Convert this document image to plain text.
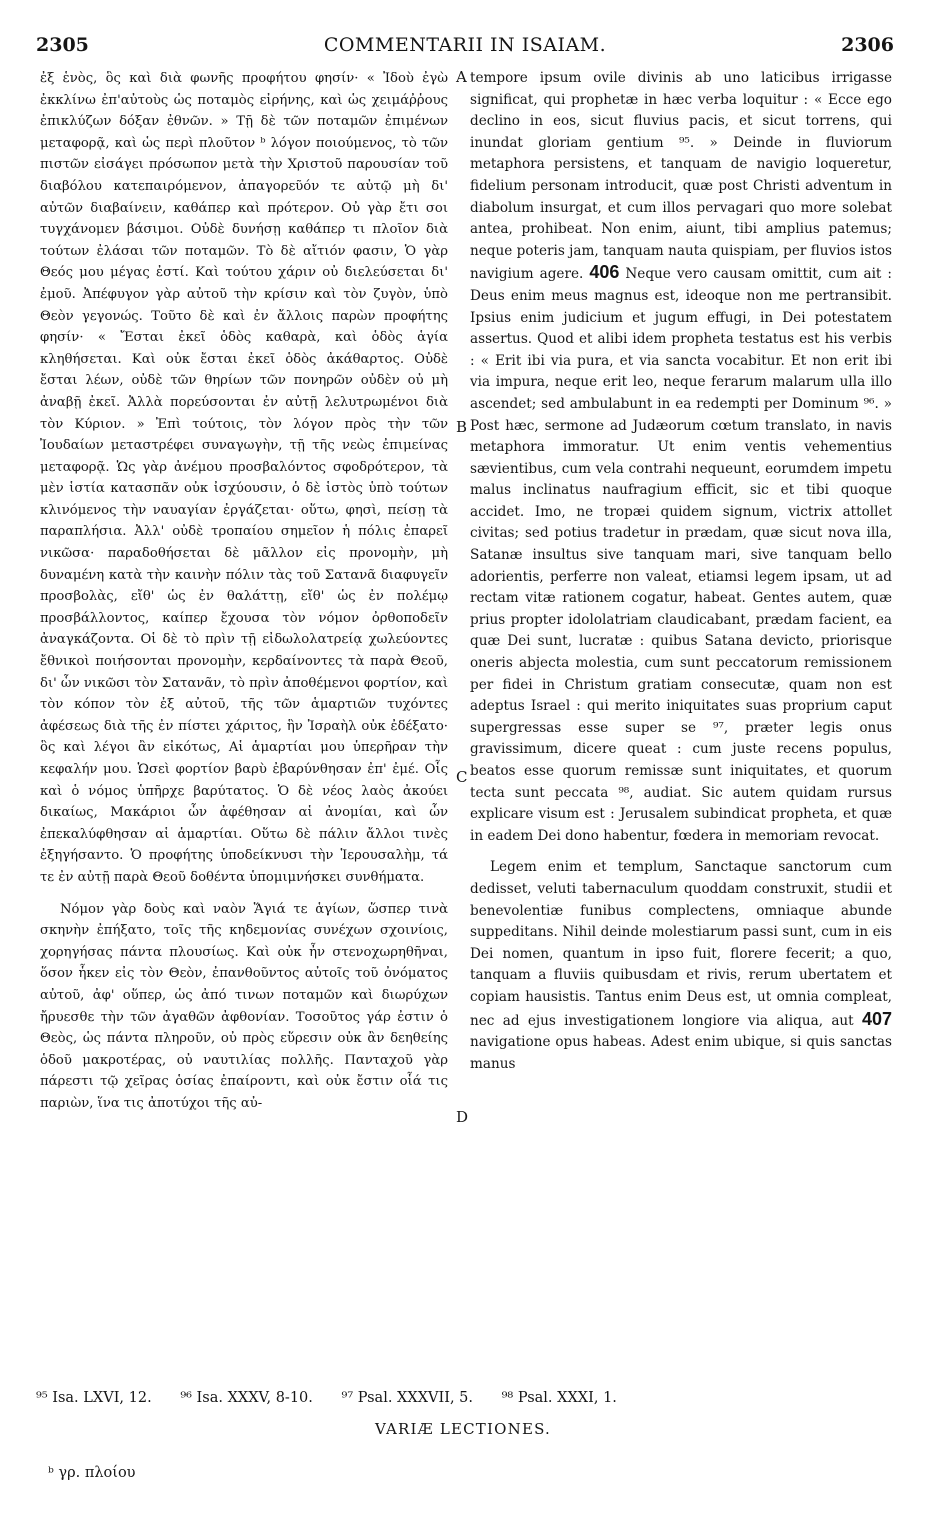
2305	COMMENTARII IN ISAIAM.	2306
A
B
C
D

ἐξ ἑνὸς, ὃς καὶ διὰ φωνῆς προφήτου φησίν· « Ἰδοὺ ἐγὼ ἐκκλίνω ἐπ'αὐτοὺς ὡς ποταμὸς εἰρήνης, καὶ ὡς χειμάῤῥους ἐπικλύζων δόξαν ἐθνῶν. » Τῇ δὲ τῶν ποταμῶν ἐπιμένων μεταφορᾷ, καὶ ὡς περὶ πλοῦτον ᵇ λόγον ποιούμενος, τὸ τῶν πιστῶν εἰσάγει πρόσωπον μετὰ τὴν Χριστοῦ παρουσίαν τοῦ διαβόλου κατεπαιρόμενον, ἀπαγορεῦόν τε αὐτῷ μὴ δι' αὐτῶν διαβαίνειν, καθάπερ καὶ πρότερον. Οὐ γὰρ ἔτι σοι τυγχάνομεν βάσιμοι. Οὐδὲ δυνήσῃ καθάπερ τι πλοῖον διὰ τούτων ἐλάσαι τῶν ποταμῶν. Τὸ δὲ αἴτιόν φασιν, Ὁ γὰρ Θεός μου μέγας ἐστί. Καὶ τούτου χάριν οὐ διελεύσεται δι' ἐμοῦ. Ἀπέφυγον γὰρ αὐτοῦ τὴν κρίσιν καὶ τὸν ζυγὸν, ὑπὸ Θεὸν γεγονώς. Τοῦτο δὲ καὶ ἐν ἄλλοις παρὼν προφήτης φησίν· « Ἔσται ἐκεῖ ὁδὸς καθαρὰ, καὶ ὁδὸς ἁγία κληθήσεται. Καὶ οὐκ ἔσται ἐκεῖ ὁδὸς ἀκάθαρτος. Οὐδὲ ἔσται λέων, οὐδὲ τῶν θηρίων τῶν πονηρῶν οὐδὲν οὐ μὴ ἀναβῇ ἐκεῖ. Ἀλλὰ πορεύσονται ἐν αὐτῇ λελυτρωμένοι διὰ τὸν Κύριον. » Ἐπὶ τούτοις, τὸν λόγον πρὸς τὴν τῶν Ἰουδαίων μεταστρέφει συναγωγὴν, τῇ τῆς νεὼς ἐπιμείνας μεταφορᾷ. Ὡς γὰρ ἀνέμου προσβαλόντος σφοδρότερον, τὰ μὲν ἱστία κατασπᾶν οὐκ ἰσχύουσιν, ὁ δὲ ἱστὸς ὑπὸ τούτων κλινόμενος τὴν ναυαγίαν ἐργάζεται· οὕτω, φησὶ, πείσῃ τὰ παραπλήσια. Ἀλλ' οὐδὲ τροπαίου σημεῖον ἡ πόλις ἐπαρεῖ νικῶσα· παραδοθήσεται δὲ μᾶλλον εἰς προνομὴν, μὴ δυναμένη κατὰ τὴν καινὴν πόλιν τὰς τοῦ Σατανᾶ διαφυγεῖν προσβολὰς, εἴθ' ὡς ἐν θαλάττῃ, εἴθ' ὡς ἐν πολέμῳ προσβάλλοντος, καίπερ ἔχουσα τὸν νόμον ὀρθοποδεῖν ἀναγκάζοντα. Οἱ δὲ τὸ πρὶν τῇ εἰδωλολατρείᾳ χωλεύοντες ἔθνικοὶ ποιήσονται προνομὴν, κερδαίνοντες τὰ παρὰ Θεοῦ, δι' ὧν νικῶσι τὸν Σατανᾶν, τὸ πρὶν ἀποθέμενοι φορτίον, καὶ τὸν κόπον τὸν ἐξ αὐτοῦ, τῆς τῶν ἁμαρτιῶν τυχόντες ἀφέσεως διὰ τῆς ἐν πίστει χάριτος, ἣν Ἰσραὴλ οὐκ ἐδέξατο· ὃς καὶ λέγοι ἂν εἰκότως, Αἱ ἁμαρτίαι μου ὑπερῆραν τὴν κεφαλήν μου. Ὡσεὶ φορτίον βαρὺ ἐβαρύνθησαν ἐπ' ἐμέ. Οἷς καὶ ὁ νόμος ὑπῆρχε βαρύτατος. Ὁ δὲ νέος λαὸς ἀκούει δικαίως, Μακάριοι ὧν ἀφέθησαν αἱ ἀνομίαι, καὶ ὧν ἐπεκαλύφθησαν αἱ ἁμαρτίαι. Οὕτω δὲ πάλιν ἄλλοι τινὲς ἐξηγήσαντο. Ὁ προφήτης ὑποδείκνυσι τὴν Ἱερουσαλὴμ, τά τε ἐν αὐτῇ παρὰ Θεοῦ δοθέντα ὑπομιμνήσκει συνθήματα.

Νόμον γὰρ δοὺς καὶ ναὸν Ἅγιά τε ἁγίων, ὥσπερ τινὰ σκηνὴν ἐπήξατο, τοῖς τῆς κηδεμονίας συνέχων σχοινίοις, χορηγήσας πάντα πλουσίως. Καὶ οὐκ ἦν στενοχωρηθῆναι, ὅσον ἧκεν εἰς τὸν Θεὸν, ἐπανθοῦντος αὐτοῖς τοῦ ὀνόματος αὐτοῦ, ἀφ' οὕπερ, ὡς ἀπό τινων ποταμῶν καὶ διωρύχων ἤρυεσθε τὴν τῶν ἀγαθῶν ἀφθονίαν. Τοσοῦτος γάρ ἐστιν ὁ Θεὸς, ὡς πάντα πληροῦν, οὐ πρὸς εὕρεσιν οὐκ ἂν δεηθείης ὁδοῦ μακροτέρας, οὐ ναυτιλίας πολλῆς. Πανταχοῦ γὰρ πάρεστι τῷ χεῖρας ὁσίας ἐπαίροντι, καὶ οὐκ ἔστιν οἷά τις παριὼν, ἵνα τις ἀποτύχοι τῆς αὐ-

tempore ipsum ovile divinis ab uno laticibus irrigasse significat, qui prophetæ in hæc verba loquitur : « Ecce ego declino in eos, sicut fluvius pacis, et sicut torrens, qui inundat gloriam gentium ⁹⁵. » Deinde in fluviorum metaphora persistens, et tanquam de navigio loqueretur, fidelium personam introducit, quæ post Christi adventum in diabolum insurgat, et cum illos pervagari quo more solebat antea, prohibeat. Non enim, aiunt, tibi amplius patemus; neque poteris jam, tanquam nauta quispiam, per fluvios istos navigium agere. 406 Neque vero causam omittit, cum ait : Deus enim meus magnus est, ideoque non me pertransibit. Ipsius enim judicium et jugum effugi, in Dei potestatem assertus. Quod et alibi idem propheta testatus est his verbis : « Erit ibi via pura, et via sancta vocabitur. Et non erit ibi via impura, neque erit leo, neque ferarum malarum ulla illo ascendet; sed ambulabunt in ea redempti per Dominum ⁹⁶. » Post hæc, sermone ad Judæorum cœtum translato, in navis metaphora immoratur. Ut enim ventis vehementius sævientibus, cum vela contrahi nequeunt, eorumdem impetu malus inclinatus naufragium efficit, sic et tibi quoque accidet. Imo, ne tropæi quidem signum, victrix attollet civitas; sed potius tradetur in prædam, quæ sicut nova illa, Satanæ insultus sive tanquam mari, sive tanquam bello adorientis, perferre non valeat, etiamsi legem ipsam, ut ad rectam vitæ rationem cogatur, habeat. Gentes autem, quæ prius propter idololatriam claudicabant, prædam facient, ea quæ Dei sunt, lucratæ : quibus Satana devicto, priorisque oneris abjecta molestia, cum sunt peccatorum remissionem per fidei in Christum gratiam consecutæ, quam non est adeptus Israel : qui merito iniquitates suas proprium caput supergressas esse super se ⁹⁷, præter legis onus gravissimum, dicere queat : cum juste recens populus, beatos esse quorum remissæ sunt iniquitates, et quorum tecta sunt peccata ⁹⁸, audiat. Sic autem quidam rursus explicare visum est : Jerusalem subindicat propheta, et quæ in eadem Dei dono habentur, fœdera in memoriam revocat.

Legem enim et templum, Sanctaque sanctorum cum dedisset, veluti tabernaculum quoddam construxit, studii et benevolentiæ funibus complectens, omniaque abunde suppeditans. Nihil deinde molestiarum passi sunt, cum in eis Dei nomen, quantum in ipso fuit, florere fecerit; a quo, tanquam a fluviis quibusdam et rivis, rerum ubertatem et copiam hausistis. Tantus enim Deus est, ut omnia compleat, nec ad ejus investigationem longiore via aliqua, aut 407 navigatione opus habeas. Adest enim ubique, si quis sanctas manus

⁹⁵ Isa. LXVI, 12. ⁹⁶ Isa. XXXV, 8-10. ⁹⁷ Psal. XXXVII, 5. ⁹⁸ Psal. XXXI, 1.
VARIÆ LECTIONES.
ᵇ γρ. πλοίου
